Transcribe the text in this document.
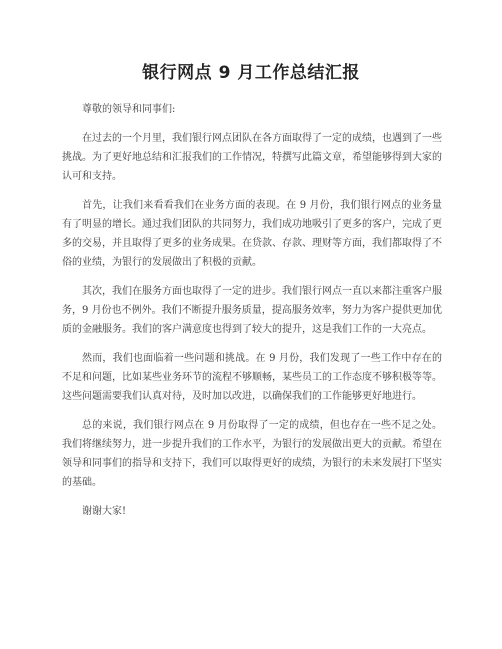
银行网点 9 月工作总结汇报

尊敬的领导和同事们:

在过去的一个月里，我们银行网点团队在各方面取得了一定的成绩，也遇到了一些挑战。为了更好地总结和汇报我们的工作情况，特撰写此篇文章，希望能够得到大家的认可和支持。

首先，让我们来看看我们在业务方面的表现。在 9 月份，我们银行网点的业务量有了明显的增长。通过我们团队的共同努力，我们成功地吸引了更多的客户，完成了更多的交易，并且取得了更多的业务成果。在贷款、存款、理财等方面，我们都取得了不俗的业绩，为银行的发展做出了积极的贡献。

其次，我们在服务方面也取得了一定的进步。我们银行网点一直以来都注重客户服务，9 月份也不例外。我们不断提升服务质量，提高服务效率，努力为客户提供更加优质的金融服务。我们的客户满意度也得到了较大的提升，这是我们工作的一大亮点。

然而，我们也面临着一些问题和挑战。在 9 月份，我们发现了一些工作中存在的不足和问题，比如某些业务环节的流程不够顺畅，某些员工的工作态度不够积极等等。这些问题需要我们认真对待，及时加以改进，以确保我们的工作能够更好地进行。

总的来说，我们银行网点在 9 月份取得了一定的成绩，但也存在一些不足之处。我们将继续努力，进一步提升我们的工作水平，为银行的发展做出更大的贡献。希望在领导和同事们的指导和支持下，我们可以取得更好的成绩，为银行的未来发展打下坚实的基础。

谢谢大家!
